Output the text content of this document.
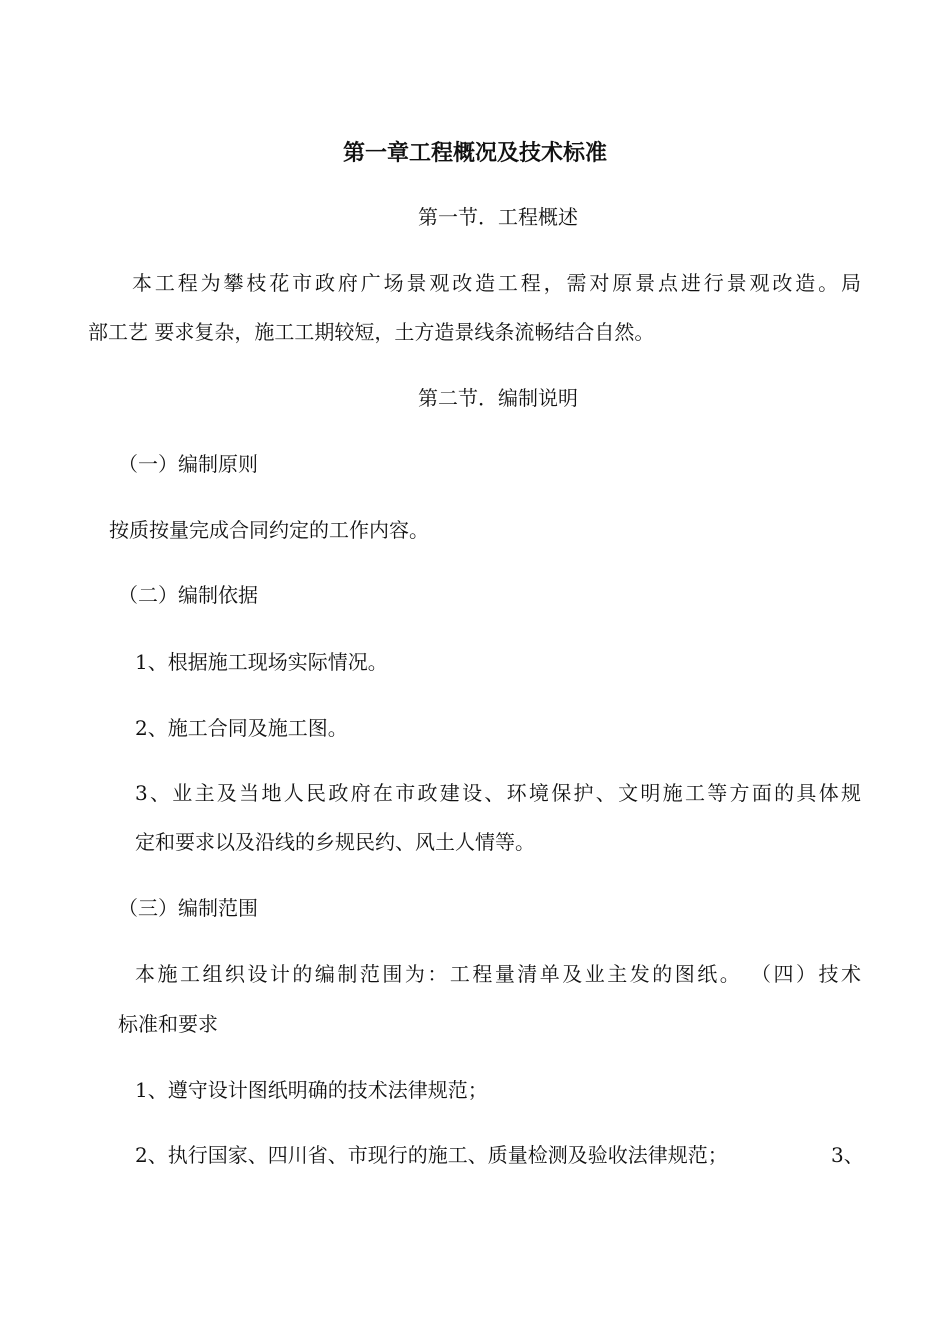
第一章工程概况及技术标准
第一节．工程概述
本工程为攀枝花市政府广场景观改造工程，需对原景点进行景观改造。局
部工艺 要求复杂，施工工期较短，土方造景线条流畅结合自然。
第二节．编制说明
（一）编制原则
按质按量完成合同约定的工作内容。
（二）编制依据
1、根据施工现场实际情况。
2、施工合同及施工图。
3、业主及当地人民政府在市政建设、环境保护、文明施工等方面的具体规
定和要求以及沿线的乡规民约、风土人情等。
（三）编制范围
本施工组织设计的编制范围为：工程量清单及业主发的图纸。 （四）技术
标准和要求
1、遵守设计图纸明确的技术法律规范；
2、执行国家、四川省、市现行的施工、质量检测及验收法律规范；	3、
